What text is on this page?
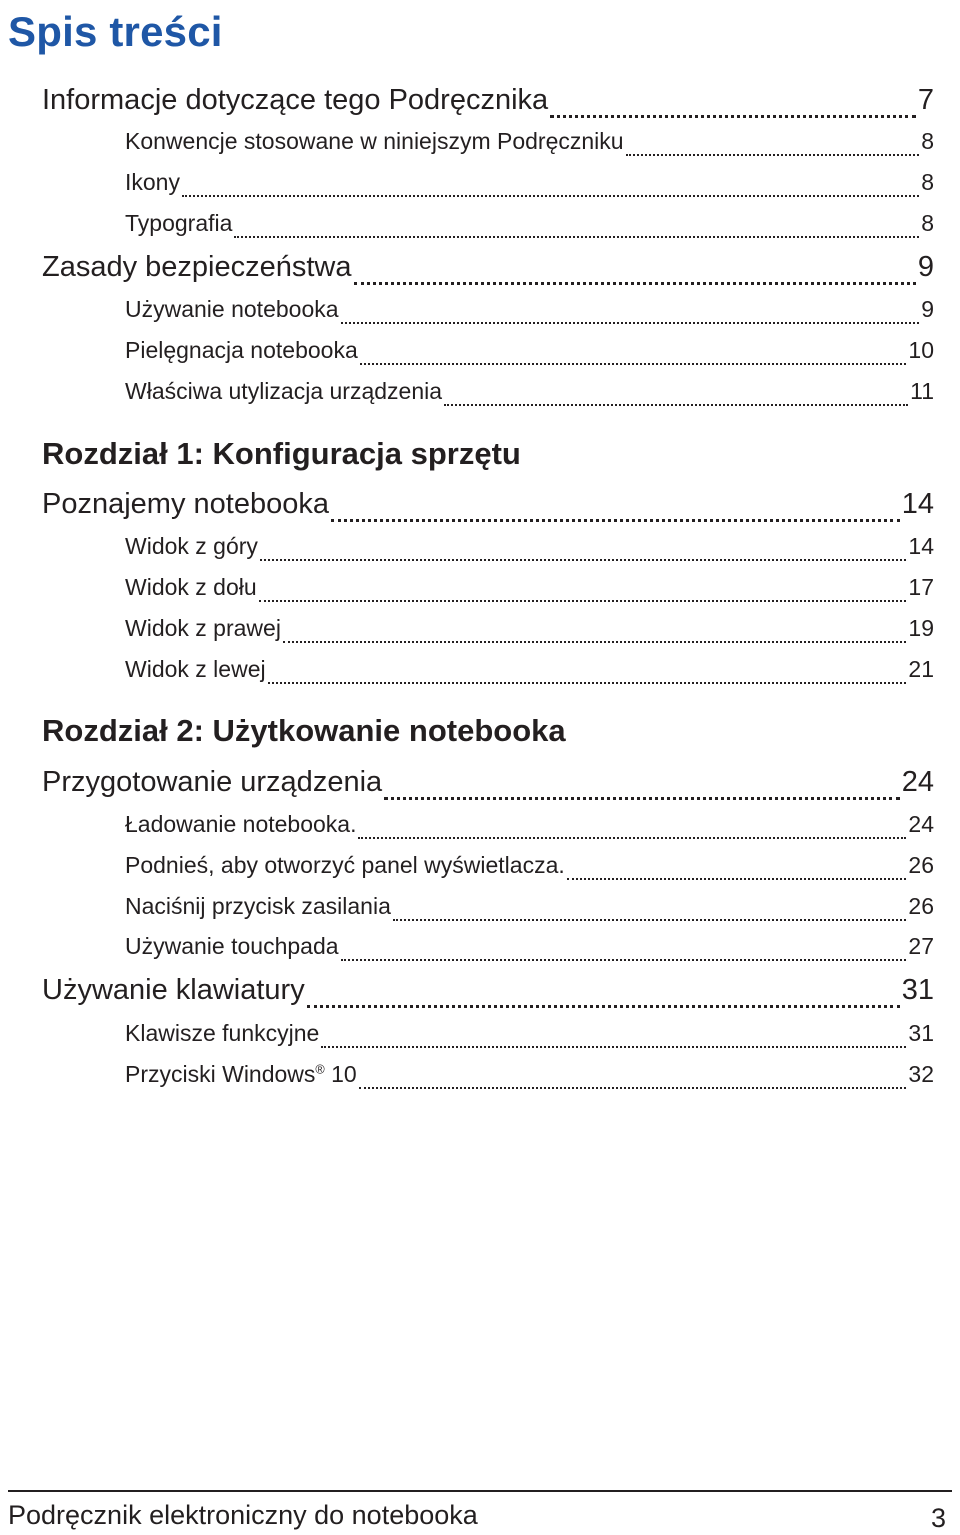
Spis treści
Informacje dotyczące tego Podręcznika	7
Konwencje stosowane w niniejszym Podręczniku	8
Ikony	8
Typografia	8
Zasady bezpieczeństwa	9
Używanie notebooka	9
Pielęgnacja notebooka	10
Właściwa utylizacja urządzenia	11
Rozdział 1: Konfiguracja sprzętu
Poznajemy notebooka	14
Widok z góry	14
Widok z dołu	17
Widok z prawej	19
Widok z lewej	21
Rozdział 2: Użytkowanie notebooka
Przygotowanie urządzenia	24
Ładowanie notebooka.	24
Podnieś, aby otworzyć panel wyświetlacza.	26
Naciśnij przycisk zasilania	26
Używanie touchpada	27
Używanie klawiatury	31
Klawisze funkcyjne	31
Przyciski Windows® 10	32
Podręcznik elektroniczny do notebooka	3
